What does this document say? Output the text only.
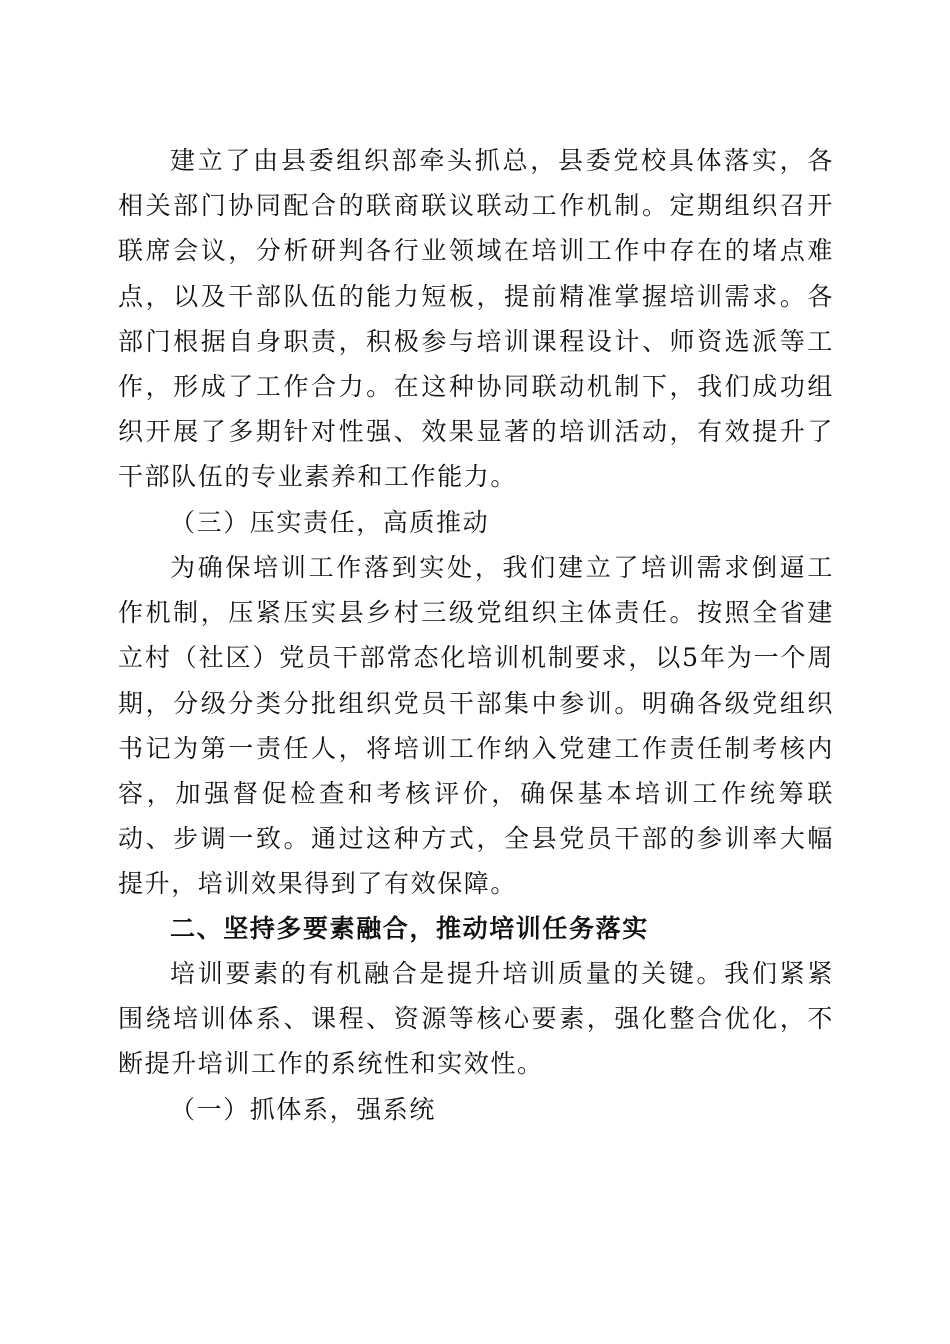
建立了由县委组织部牵头抓总，县委党校具体落实，各相关部门协同配合的联商联议联动工作机制。定期组织召开联席会议，分析研判各行业领域在培训工作中存在的堵点难点，以及干部队伍的能力短板，提前精准掌握培训需求。各部门根据自身职责，积极参与培训课程设计、师资选派等工作，形成了工作合力。在这种协同联动机制下，我们成功组织开展了多期针对性强、效果显著的培训活动，有效提升了干部队伍的专业素养和工作能力。

（三）压实责任，高质推动

为确保培训工作落到实处，我们建立了培训需求倒逼工作机制，压紧压实县乡村三级党组织主体责任。按照全省建立村（社区）党员干部常态化培训机制要求，以5年为一个周期，分级分类分批组织党员干部集中参训。明确各级党组织书记为第一责任人，将培训工作纳入党建工作责任制考核内容，加强督促检查和考核评价，确保基本培训工作统筹联动、步调一致。通过这种方式，全县党员干部的参训率大幅提升，培训效果得到了有效保障。

二、坚持多要素融合，推动培训任务落实

培训要素的有机融合是提升培训质量的关键。我们紧紧围绕培训体系、课程、资源等核心要素，强化整合优化，不断提升培训工作的系统性和实效性。

（一）抓体系，强系统
